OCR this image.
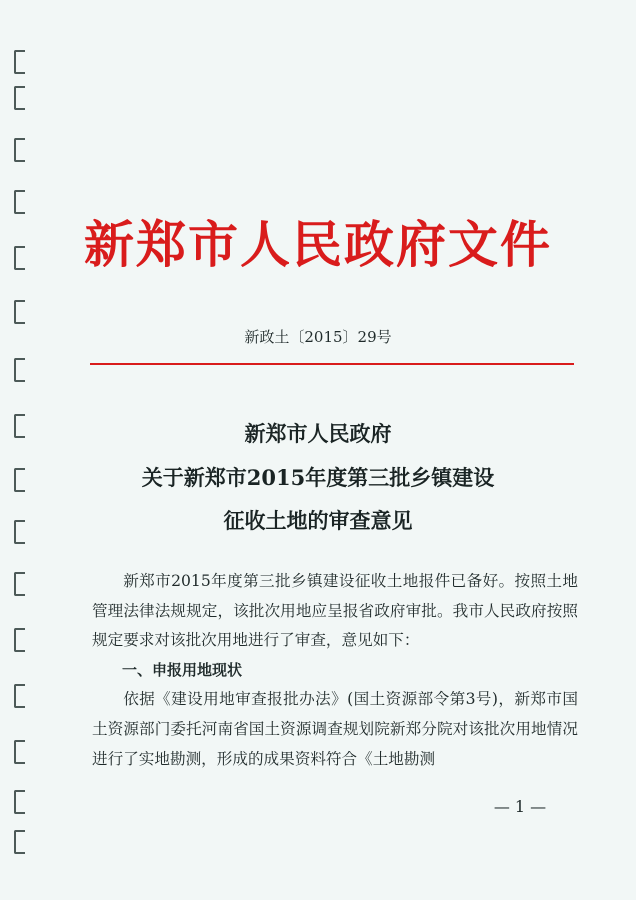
新郑市人民政府文件
新政土〔2015〕29号
新郑市人民政府
关于新郑市2015年度第三批乡镇建设
征收土地的审查意见

新郑市2015年度第三批乡镇建设征收土地报件已备好。按照土地管理法律法规规定，该批次用地应呈报省政府审批。我市人民政府按照规定要求对该批次用地进行了审查，意见如下：

一、申报用地现状

依据《建设用地审查报批办法》(国土资源部令第3号)，新郑市国土资源部门委托河南省国土资源调查规划院新郑分院对该批次用地情况进行了实地勘测，形成的成果资料符合《土地勘测

— 1 —
